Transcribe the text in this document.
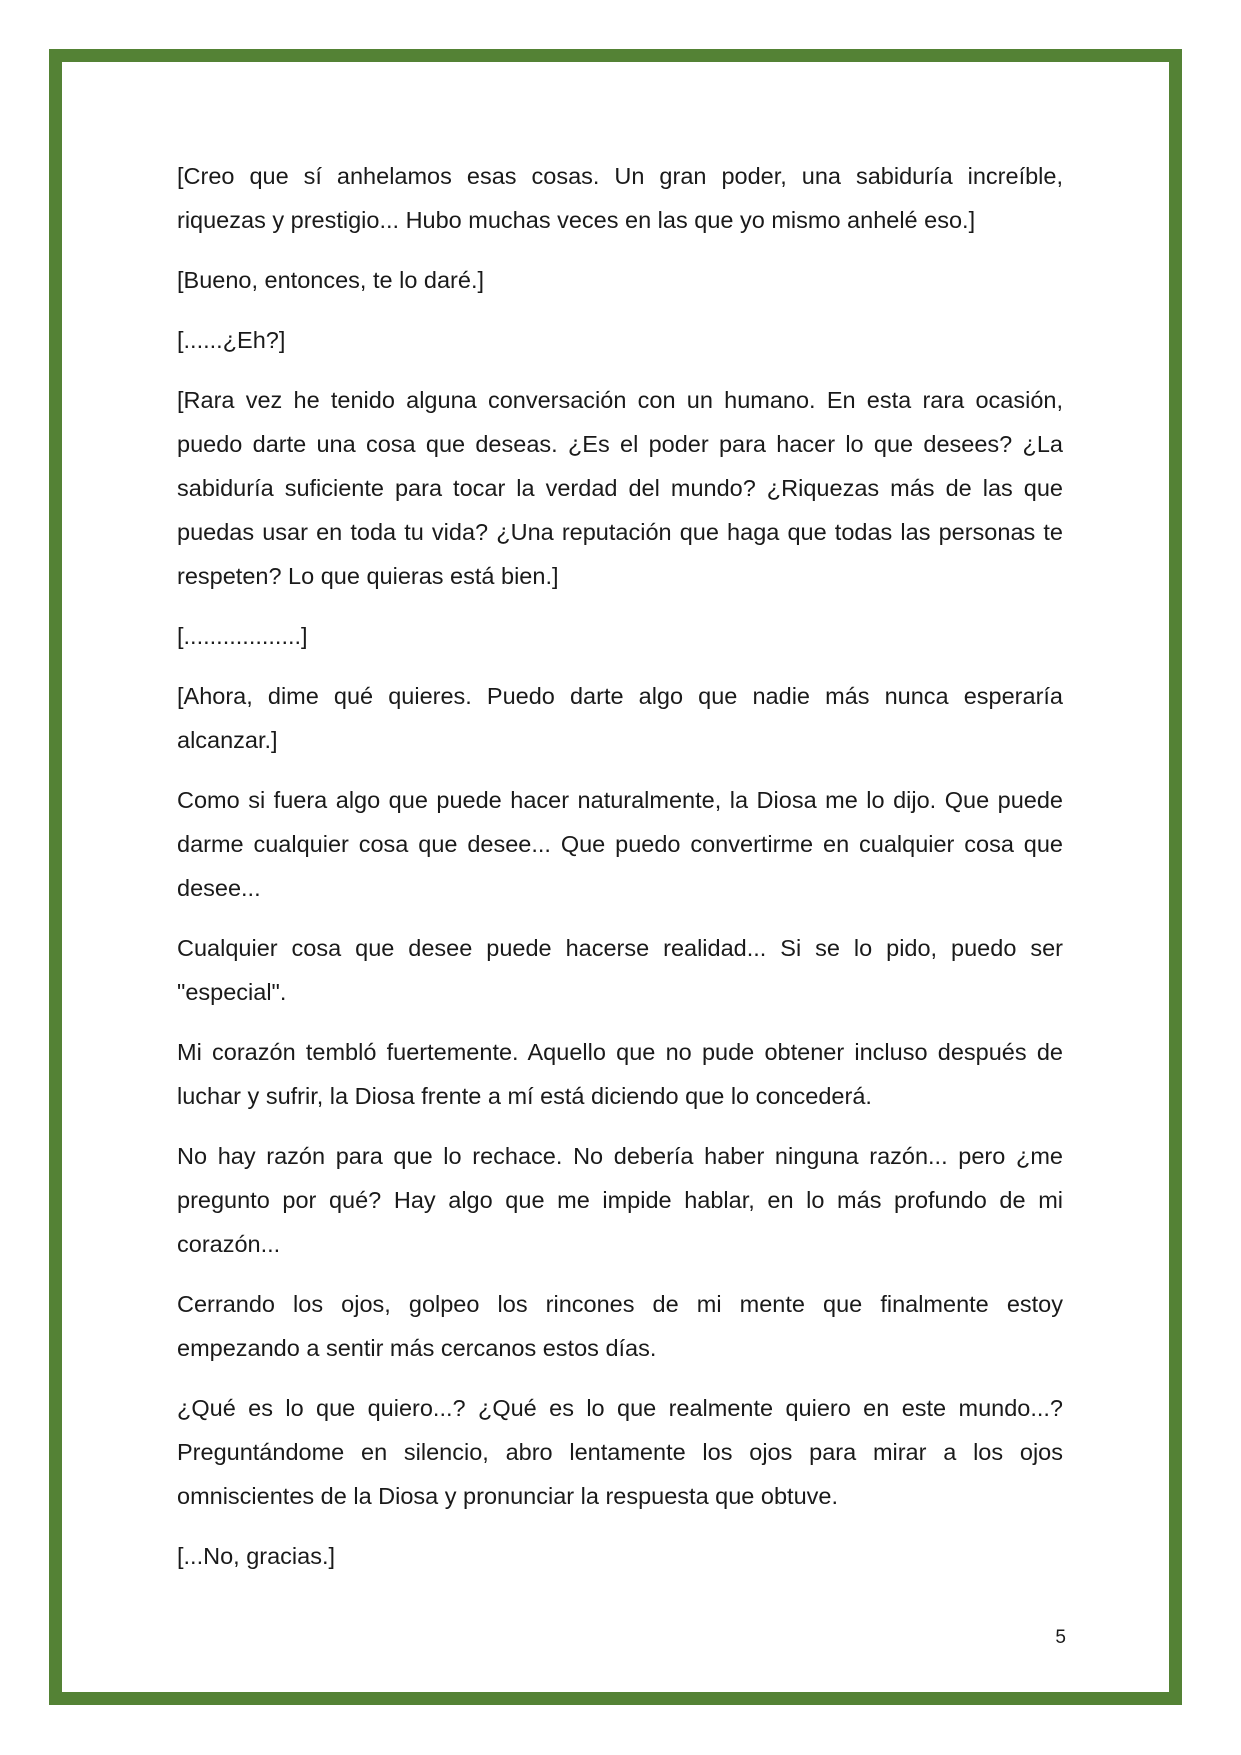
[Creo que sí anhelamos esas cosas. Un gran poder, una sabiduría increíble, riquezas y prestigio... Hubo muchas veces en las que yo mismo anhelé eso.]

[Bueno, entonces, te lo daré.]

[......¿Eh?]

[Rara vez he tenido alguna conversación con un humano. En esta rara ocasión, puedo darte una cosa que deseas. ¿Es el poder para hacer lo que desees? ¿La sabiduría suficiente para tocar la verdad del mundo? ¿Riquezas más de las que puedas usar en toda tu vida? ¿Una reputación que haga que todas las personas te respeten? Lo que quieras está bien.]

[..................]

[Ahora, dime qué quieres. Puedo darte algo que nadie más nunca esperaría alcanzar.]

Como si fuera algo que puede hacer naturalmente, la Diosa me lo dijo. Que puede darme cualquier cosa que desee... Que puedo convertirme en cualquier cosa que desee...

Cualquier cosa que desee puede hacerse realidad... Si se lo pido, puedo ser "especial".

Mi corazón tembló fuertemente. Aquello que no pude obtener incluso después de luchar y sufrir, la Diosa frente a mí está diciendo que lo concederá.

No hay razón para que lo rechace. No debería haber ninguna razón... pero ¿me pregunto por qué? Hay algo que me impide hablar, en lo más profundo de mi corazón...

Cerrando los ojos, golpeo los rincones de mi mente que finalmente estoy empezando a sentir más cercanos estos días.

¿Qué es lo que quiero...? ¿Qué es lo que realmente quiero en este mundo...? Preguntándome en silencio, abro lentamente los ojos para mirar a los ojos omniscientes de la Diosa y pronunciar la respuesta que obtuve.

[...No, gracias.]

5
